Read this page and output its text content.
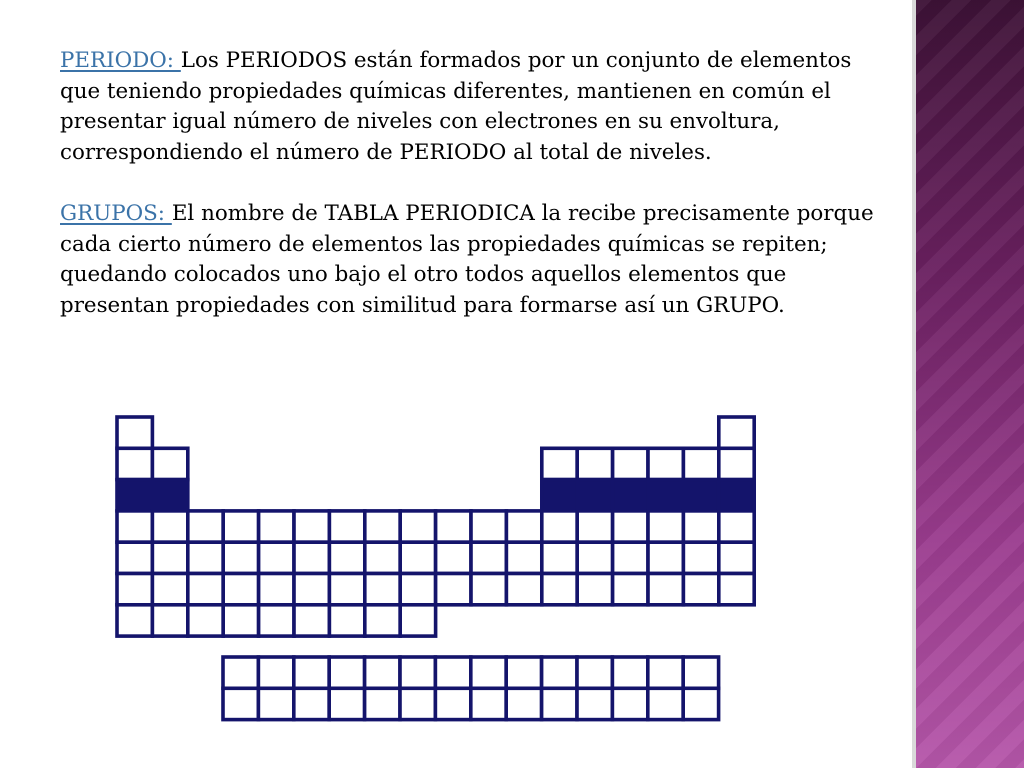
PERIODO: Los PERIODOS están formados por un conjunto de elementos que teniendo propiedades químicas diferentes, mantienen en común el presentar igual número de niveles con electrones en su envoltura, correspondiendo el número de PERIODO al total de niveles.

GRUPOS: El nombre de TABLA PERIODICA la recibe precisamente porque cada cierto número de elementos las propiedades químicas se repiten; quedando colocados uno bajo el otro todos aquellos elementos que presentan propiedades con similitud para formarse así un GRUPO.
